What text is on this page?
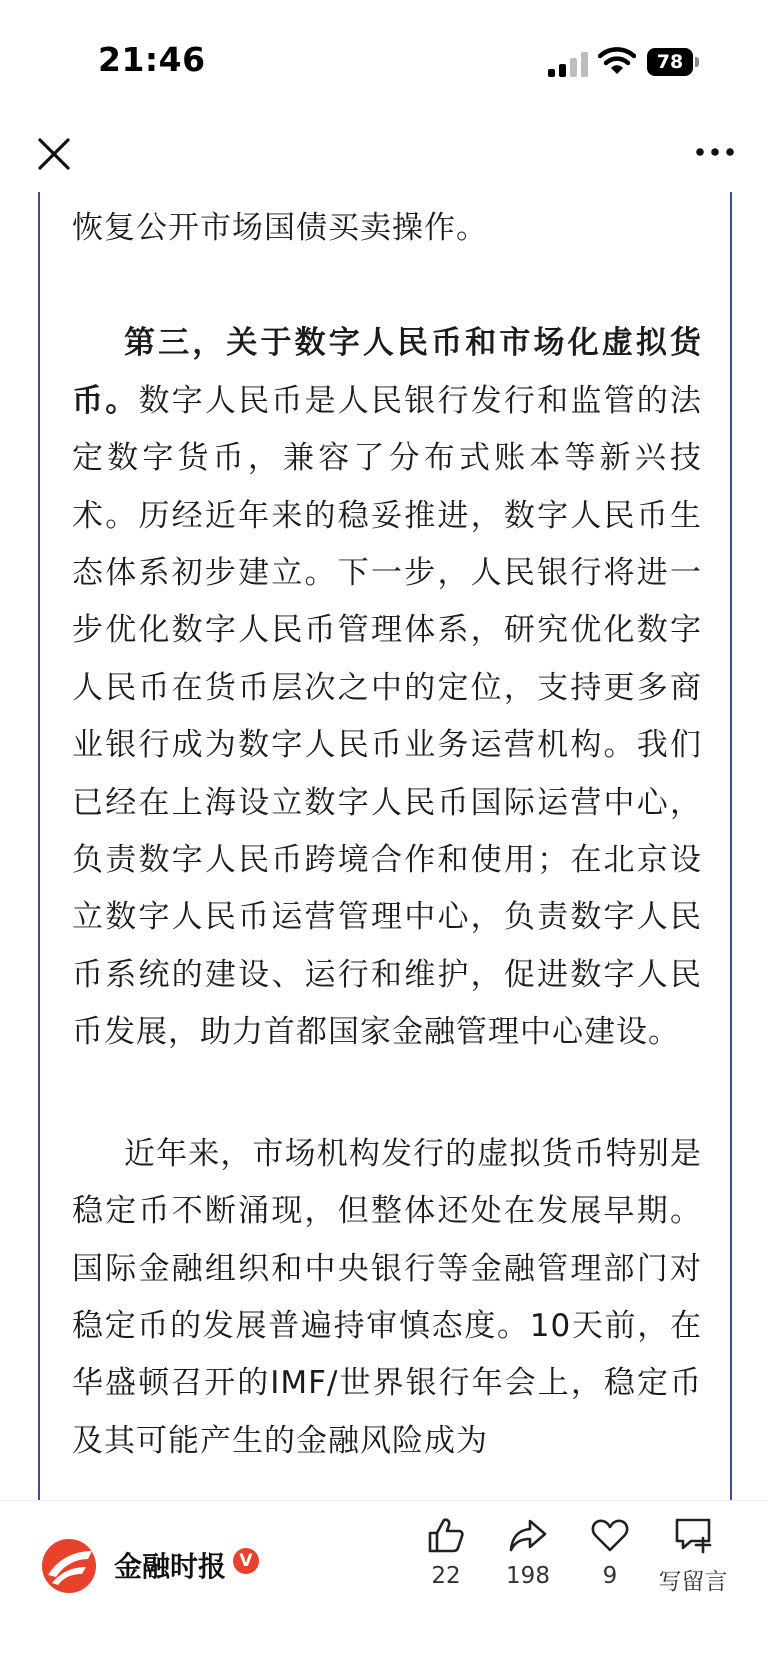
21:46	78

恢复公开市场国债买卖操作。

第三，关于数字人民币和市场化虚拟货币。数字人民币是人民银行发行和监管的法定数字货币，兼容了分布式账本等新兴技术。历经近年来的稳妥推进，数字人民币生态体系初步建立。下一步，人民银行将进一步优化数字人民币管理体系，研究优化数字人民币在货币层次之中的定位，支持更多商业银行成为数字人民币业务运营机构。我们已经在上海设立数字人民币国际运营中心，负责数字人民币跨境合作和使用；在北京设立数字人民币运营管理中心，负责数字人民币系统的建设、运行和维护，促进数字人民币发展，助力首都国家金融管理中心建设。

近年来，市场机构发行的虚拟货币特别是稳定币不断涌现，但整体还处在发展早期。国际金融组织和中央银行等金融管理部门对稳定币的发展普遍持审慎态度。10天前，在华盛顿召开的IMF/世界银行年会上，稳定币及其可能产生的金融风险成为

金融时报 V
22	198	9	写留言
